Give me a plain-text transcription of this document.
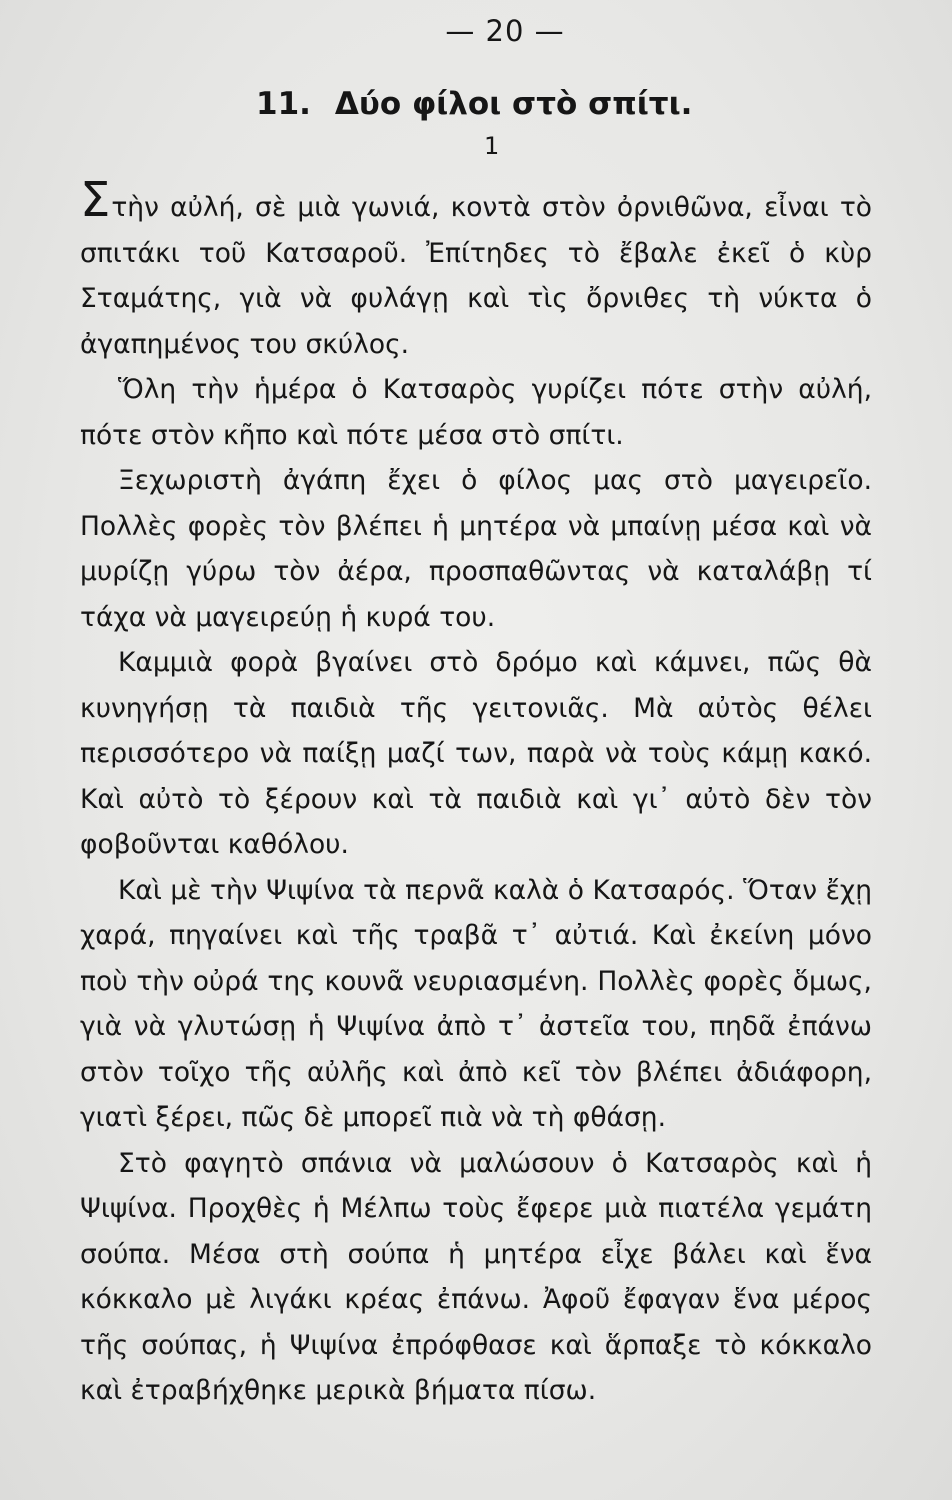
— 20 —
11. Δύο φίλοι στὸ σπίτι.
1

Στὴν αὐλή, σὲ μιὰ γωνιά, κοντὰ στὸν ὀρνιθῶνα, εἶναι τὸ σπιτάκι τοῦ Κατσαροῦ. Ἐπίτηδες τὸ ἔβαλε ἐκεῖ ὁ κὺρ Σταμάτης, γιὰ νὰ φυλάγῃ καὶ τὶς ὄρνιθες τὴ νύκτα ὁ ἀγαπημένος του σκύλος.

Ὅλη τὴν ἡμέρα ὁ Κατσαρὸς γυρίζει πότε στὴν αὐλή, πότε στὸν κῆπο καὶ πότε μέσα στὸ σπίτι.

Ξεχωριστὴ ἀγάπη ἔχει ὁ φίλος μας στὸ μαγειρεῖο. Πολλὲς φορὲς τὸν βλέπει ἡ μητέρα νὰ μπαίνῃ μέσα καὶ νὰ μυρίζῃ γύρω τὸν ἀέρα, προσπαθῶντας νὰ καταλάβῃ τί τάχα νὰ μαγειρεύῃ ἡ κυρά του.

Καμμιὰ φορὰ βγαίνει στὸ δρόμο καὶ κάμνει, πῶς θὰ κυνηγήσῃ τὰ παιδιὰ τῆς γειτονιᾶς. Μὰ αὐτὸς θέλει περισσότερο νὰ παίξῃ μαζί των, παρὰ νὰ τοὺς κάμῃ κακό. Καὶ αὐτὸ τὸ ξέρουν καὶ τὰ παιδιὰ καὶ γι᾽ αὐτὸ δὲν τὸν φοβοῦνται καθόλου.

Καὶ μὲ τὴν Ψιψίνα τὰ περνᾶ καλὰ ὁ Κατσαρός. Ὅταν ἔχῃ χαρά, πηγαίνει καὶ τῆς τραβᾶ τ᾽ αὐτιά. Καὶ ἐκείνη μόνο ποὺ τὴν οὐρά της κουνᾶ νευριασμένη. Πολλὲς φορὲς ὅμως, γιὰ νὰ γλυτώσῃ ἡ Ψιψίνα ἀπὸ τ᾽ ἀστεῖα του, πηδᾶ ἐπάνω στὸν τοῖχο τῆς αὐλῆς καὶ ἀπὸ κεῖ τὸν βλέπει ἀδιάφορη, γιατὶ ξέρει, πῶς δὲ μπορεῖ πιὰ νὰ τὴ φθάσῃ.

Στὸ φαγητὸ σπάνια νὰ μαλώσουν ὁ Κατσαρὸς καὶ ἡ Ψιψίνα. Προχθὲς ἡ Μέλπω τοὺς ἔφερε μιὰ πιατέλα γεμάτη σούπα. Μέσα στὴ σούπα ἡ μητέρα εἶχε βάλει καὶ ἕνα κόκκαλο μὲ λιγάκι κρέας ἐπάνω. Ἀφοῦ ἔφαγαν ἕνα μέρος τῆς σούπας, ἡ Ψιψίνα ἐπρόφθασε καὶ ἅρπαξε τὸ κόκκαλο καὶ ἐτραβήχθηκε μερικὰ βήματα πίσω.
